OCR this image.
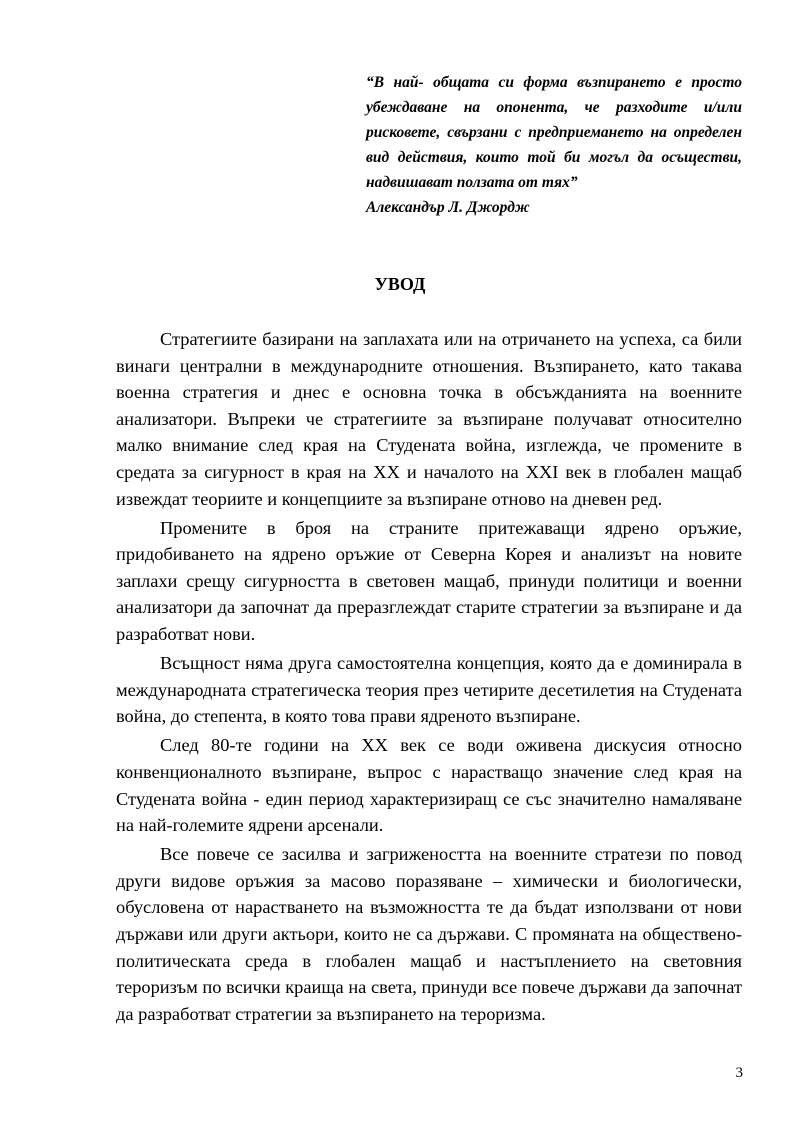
“В най- общата си форма възпирането е просто убеждаване на опонента, че разходите и/или рисковете, свързани с предприемането на определен вид действия, които той би могъл да осъществи, надвишават ползата от тях”

Александър Л. Джордж

УВОД

Стратегиите базирани на заплахата или на отричането на успеха, са били винаги централни в международните отношения. Възпирането, като такава военна стратегия и днес е основна точка в обсъжданията на военните анализатори. Въпреки че стратегиите за възпиране получават относително малко внимание след края на Студената война, изглежда, че промените в средата за сигурност в края на XX и началото на XXI век в глобален мащаб извеждат теориите и концепциите за възпиране отново на дневен ред.

Промените в броя на страните притежаващи ядрено оръжие, придобиването на ядрено оръжие от Северна Корея и анализът на новите заплахи срещу сигурността в световен мащаб, принуди политици и военни анализатори да започнат да преразглеждат старите стратегии за възпиране и да разработват нови.

Всъщност няма друга самостоятелна концепция, която да е доминирала в международната стратегическа теория през четирите десетилетия на Студената война, до степента, в която това прави ядреното възпиране.

След 80-те години на XX век се води оживена дискусия относно конвенционалното възпиране, въпрос с нарастващо значение след края на Студената война - един период характеризиращ се със значително намаляване на най-големите ядрени арсенали.

Все повече се засилва и загрижеността на военните стратези по повод други видове оръжия за масово поразяване – химически и биологически, обусловена от нарастването на възможността те да бъдат използвани от нови държави или други актьори, които не са държави. С промяната на обществено-политическата среда в глобален мащаб и настъплението на световния тероризъм по всички краища на света, принуди все повече държави да започнат да разработват стратегии за възпирането на тероризма.

3
